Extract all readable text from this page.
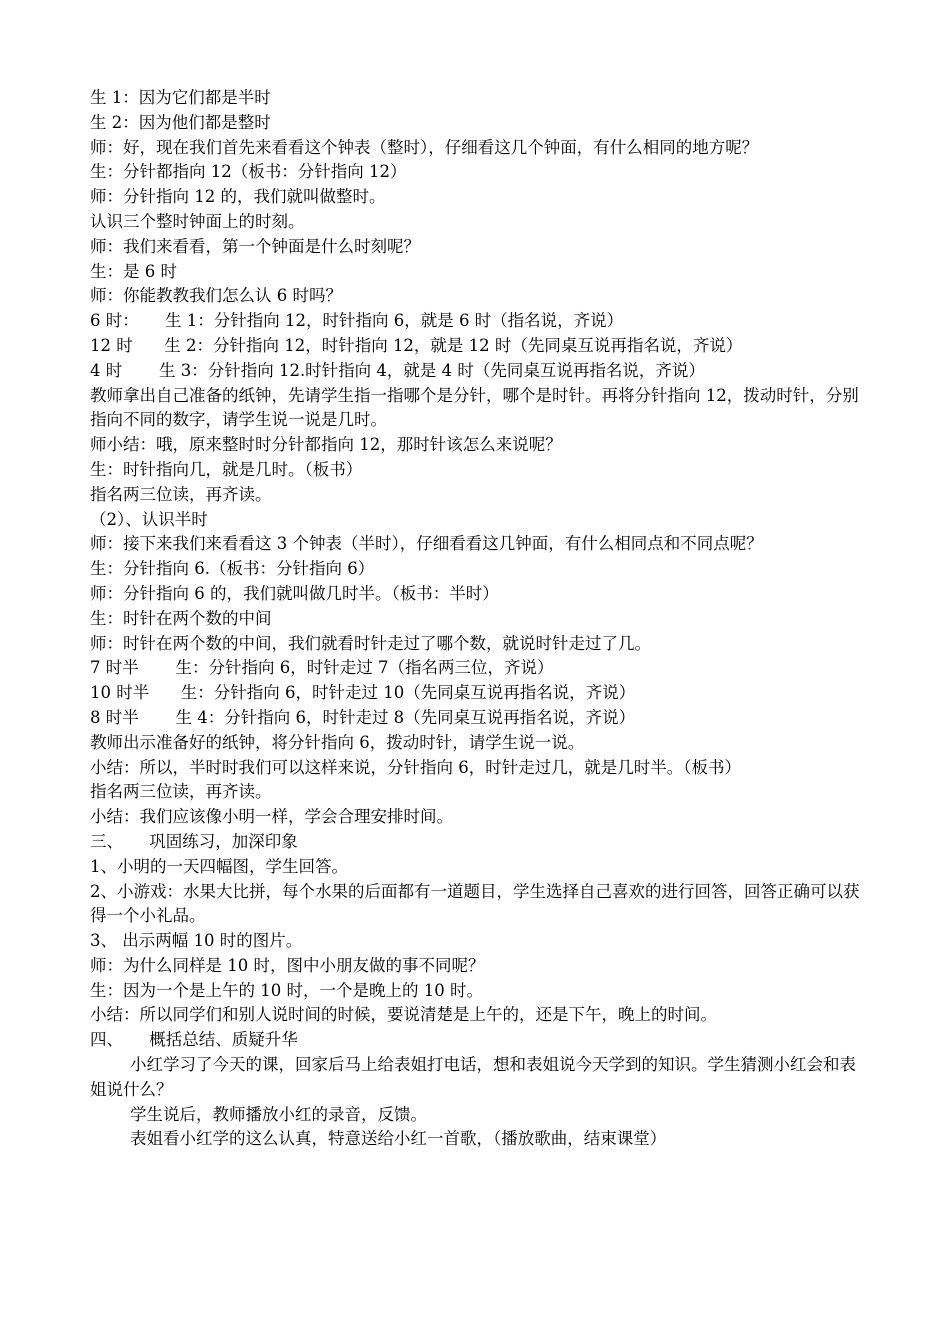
生 1：因为它们都是半时
生 2：因为他们都是整时
师：好，现在我们首先来看看这个钟表（整时），仔细看这几个钟面，有什么相同的地方呢？
生：分针都指向 12（板书：分针指向 12）
师：分针指向 12 的，我们就叫做整时。
认识三个整时钟面上的时刻。
师：我们来看看，第一个钟面是什么时刻呢？
生：是 6 时
师：你能教教我们怎么认 6 时吗？
6 时：     生 1：分针指向 12，时针指向 6，就是 6 时（指名说，齐说）
12 时      生 2：分针指向 12，时针指向 12，就是 12 时（先同桌互说再指名说，齐说）
4 时       生 3：分针指向 12.时针指向 4，就是 4 时（先同桌互说再指名说，齐说）
教师拿出自己准备的纸钟，先请学生指一指哪个是分针，哪个是时针。再将分针指向 12，拨动时针，分别指向不同的数字，请学生说一说是几时。
师小结：哦，原来整时时分针都指向 12，那时针该怎么来说呢？
生：时针指向几，就是几时。（板书）
指名两三位读，再齐读。
（2）、认识半时
师：接下来我们来看看这 3 个钟表（半时），仔细看看这几钟面，有什么相同点和不同点呢？
生：分针指向 6.（板书：分针指向 6）
师：分针指向 6 的，我们就叫做几时半。（板书：半时）
生：时针在两个数的中间
师：时针在两个数的中间，我们就看时针走过了哪个数，就说时针走过了几。
7 时半       生：分针指向 6，时针走过 7（指名两三位，齐说）
10 时半      生：分针指向 6，时针走过 10（先同桌互说再指名说，齐说）
8 时半       生 4：分针指向 6，时针走过 8（先同桌互说再指名说，齐说）
教师出示准备好的纸钟，将分针指向 6，拨动时针，请学生说一说。
小结：所以，半时时我们可以这样来说，分针指向 6，时针走过几，就是几时半。（板书）
指名两三位读，再齐读。
小结：我们应该像小明一样，学会合理安排时间。
三、     巩固练习，加深印象
1、小明的一天四幅图，学生回答。
2、小游戏：水果大比拼，每个水果的后面都有一道题目，学生选择自己喜欢的进行回答，回答正确可以获得一个小礼品。
3、 出示两幅 10 时的图片。
师：为什么同样是 10 时，图中小朋友做的事不同呢？
生：因为一个是上午的 10 时，一个是晚上的 10 时。
小结：所以同学们和别人说时间的时候，要说清楚是上午的，还是下午，晚上的时间。
四、     概括总结、质疑升华
小红学习了今天的课，回家后马上给表姐打电话，想和表姐说今天学到的知识。学生猜测小红会和表姐说什么？
学生说后，教师播放小红的录音，反馈。
表姐看小红学的这么认真，特意送给小红一首歌，（播放歌曲，结束课堂）
